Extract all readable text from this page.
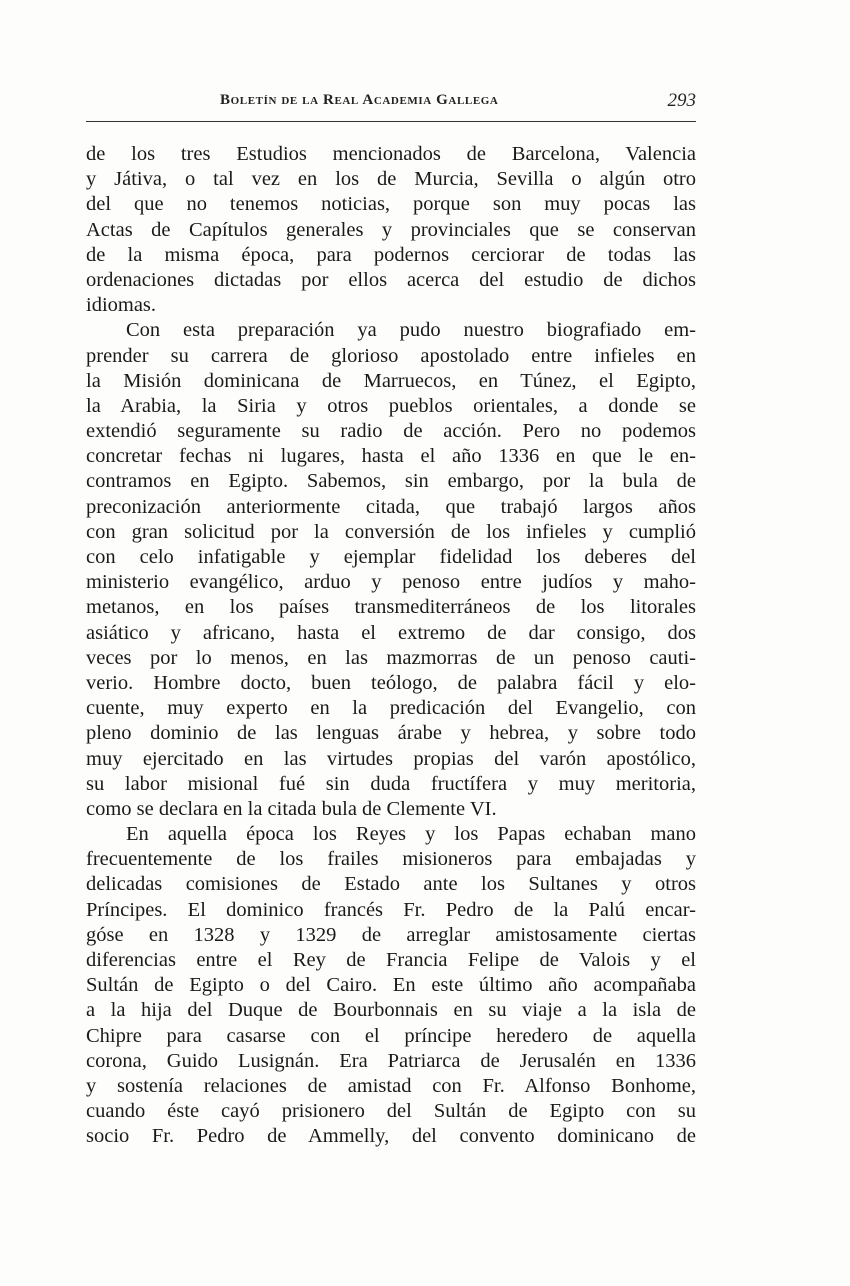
Boletín de la Real Academia Gallega	293

de los tres Estudios mencionados de Barcelona, Valencia
y Játiva, o tal vez en los de Murcia, Sevilla o algún otro
del que no tenemos noticias, porque son muy pocas las
Actas de Capítulos generales y provinciales que se conservan
de la misma época, para podernos cerciorar de todas las
ordenaciones dictadas por ellos acerca del estudio de dichos
idiomas.

Con esta preparación ya pudo nuestro biografiado em-
prender su carrera de glorioso apostolado entre infieles en
la Misión dominicana de Marruecos, en Túnez, el Egipto,
la Arabia, la Siria y otros pueblos orientales, a donde se
extendió seguramente su radio de acción. Pero no podemos
concretar fechas ni lugares, hasta el año 1336 en que le en-
contramos en Egipto. Sabemos, sin embargo, por la bula de
preconización anteriormente citada, que trabajó largos años
con gran solicitud por la conversión de los infieles y cumplió
con celo infatigable y ejemplar fidelidad los deberes del
ministerio evangélico, arduo y penoso entre judíos y maho-
metanos, en los países transmediterráneos de los litorales
asiático y africano, hasta el extremo de dar consigo, dos
veces por lo menos, en las mazmorras de un penoso cauti-
verio. Hombre docto, buen teólogo, de palabra fácil y elo-
cuente, muy experto en la predicación del Evangelio, con
pleno dominio de las lenguas árabe y hebrea, y sobre todo
muy ejercitado en las virtudes propias del varón apostólico,
su labor misional fué sin duda fructífera y muy meritoria,
como se declara en la citada bula de Clemente VI.

En aquella época los Reyes y los Papas echaban mano
frecuentemente de los frailes misioneros para embajadas y
delicadas comisiones de Estado ante los Sultanes y otros
Príncipes. El dominico francés Fr. Pedro de la Palú encar-
góse en 1328 y 1329 de arreglar amistosamente ciertas
diferencias entre el Rey de Francia Felipe de Valois y el
Sultán de Egipto o del Cairo. En este último año acompañaba
a la hija del Duque de Bourbonnais en su viaje a la isla de
Chipre para casarse con el príncipe heredero de aquella
corona, Guido Lusignán. Era Patriarca de Jerusalén en 1336
y sostenía relaciones de amistad con Fr. Alfonso Bonhome,
cuando éste cayó prisionero del Sultán de Egipto con su
socio Fr. Pedro de Ammelly, del convento dominicano de
